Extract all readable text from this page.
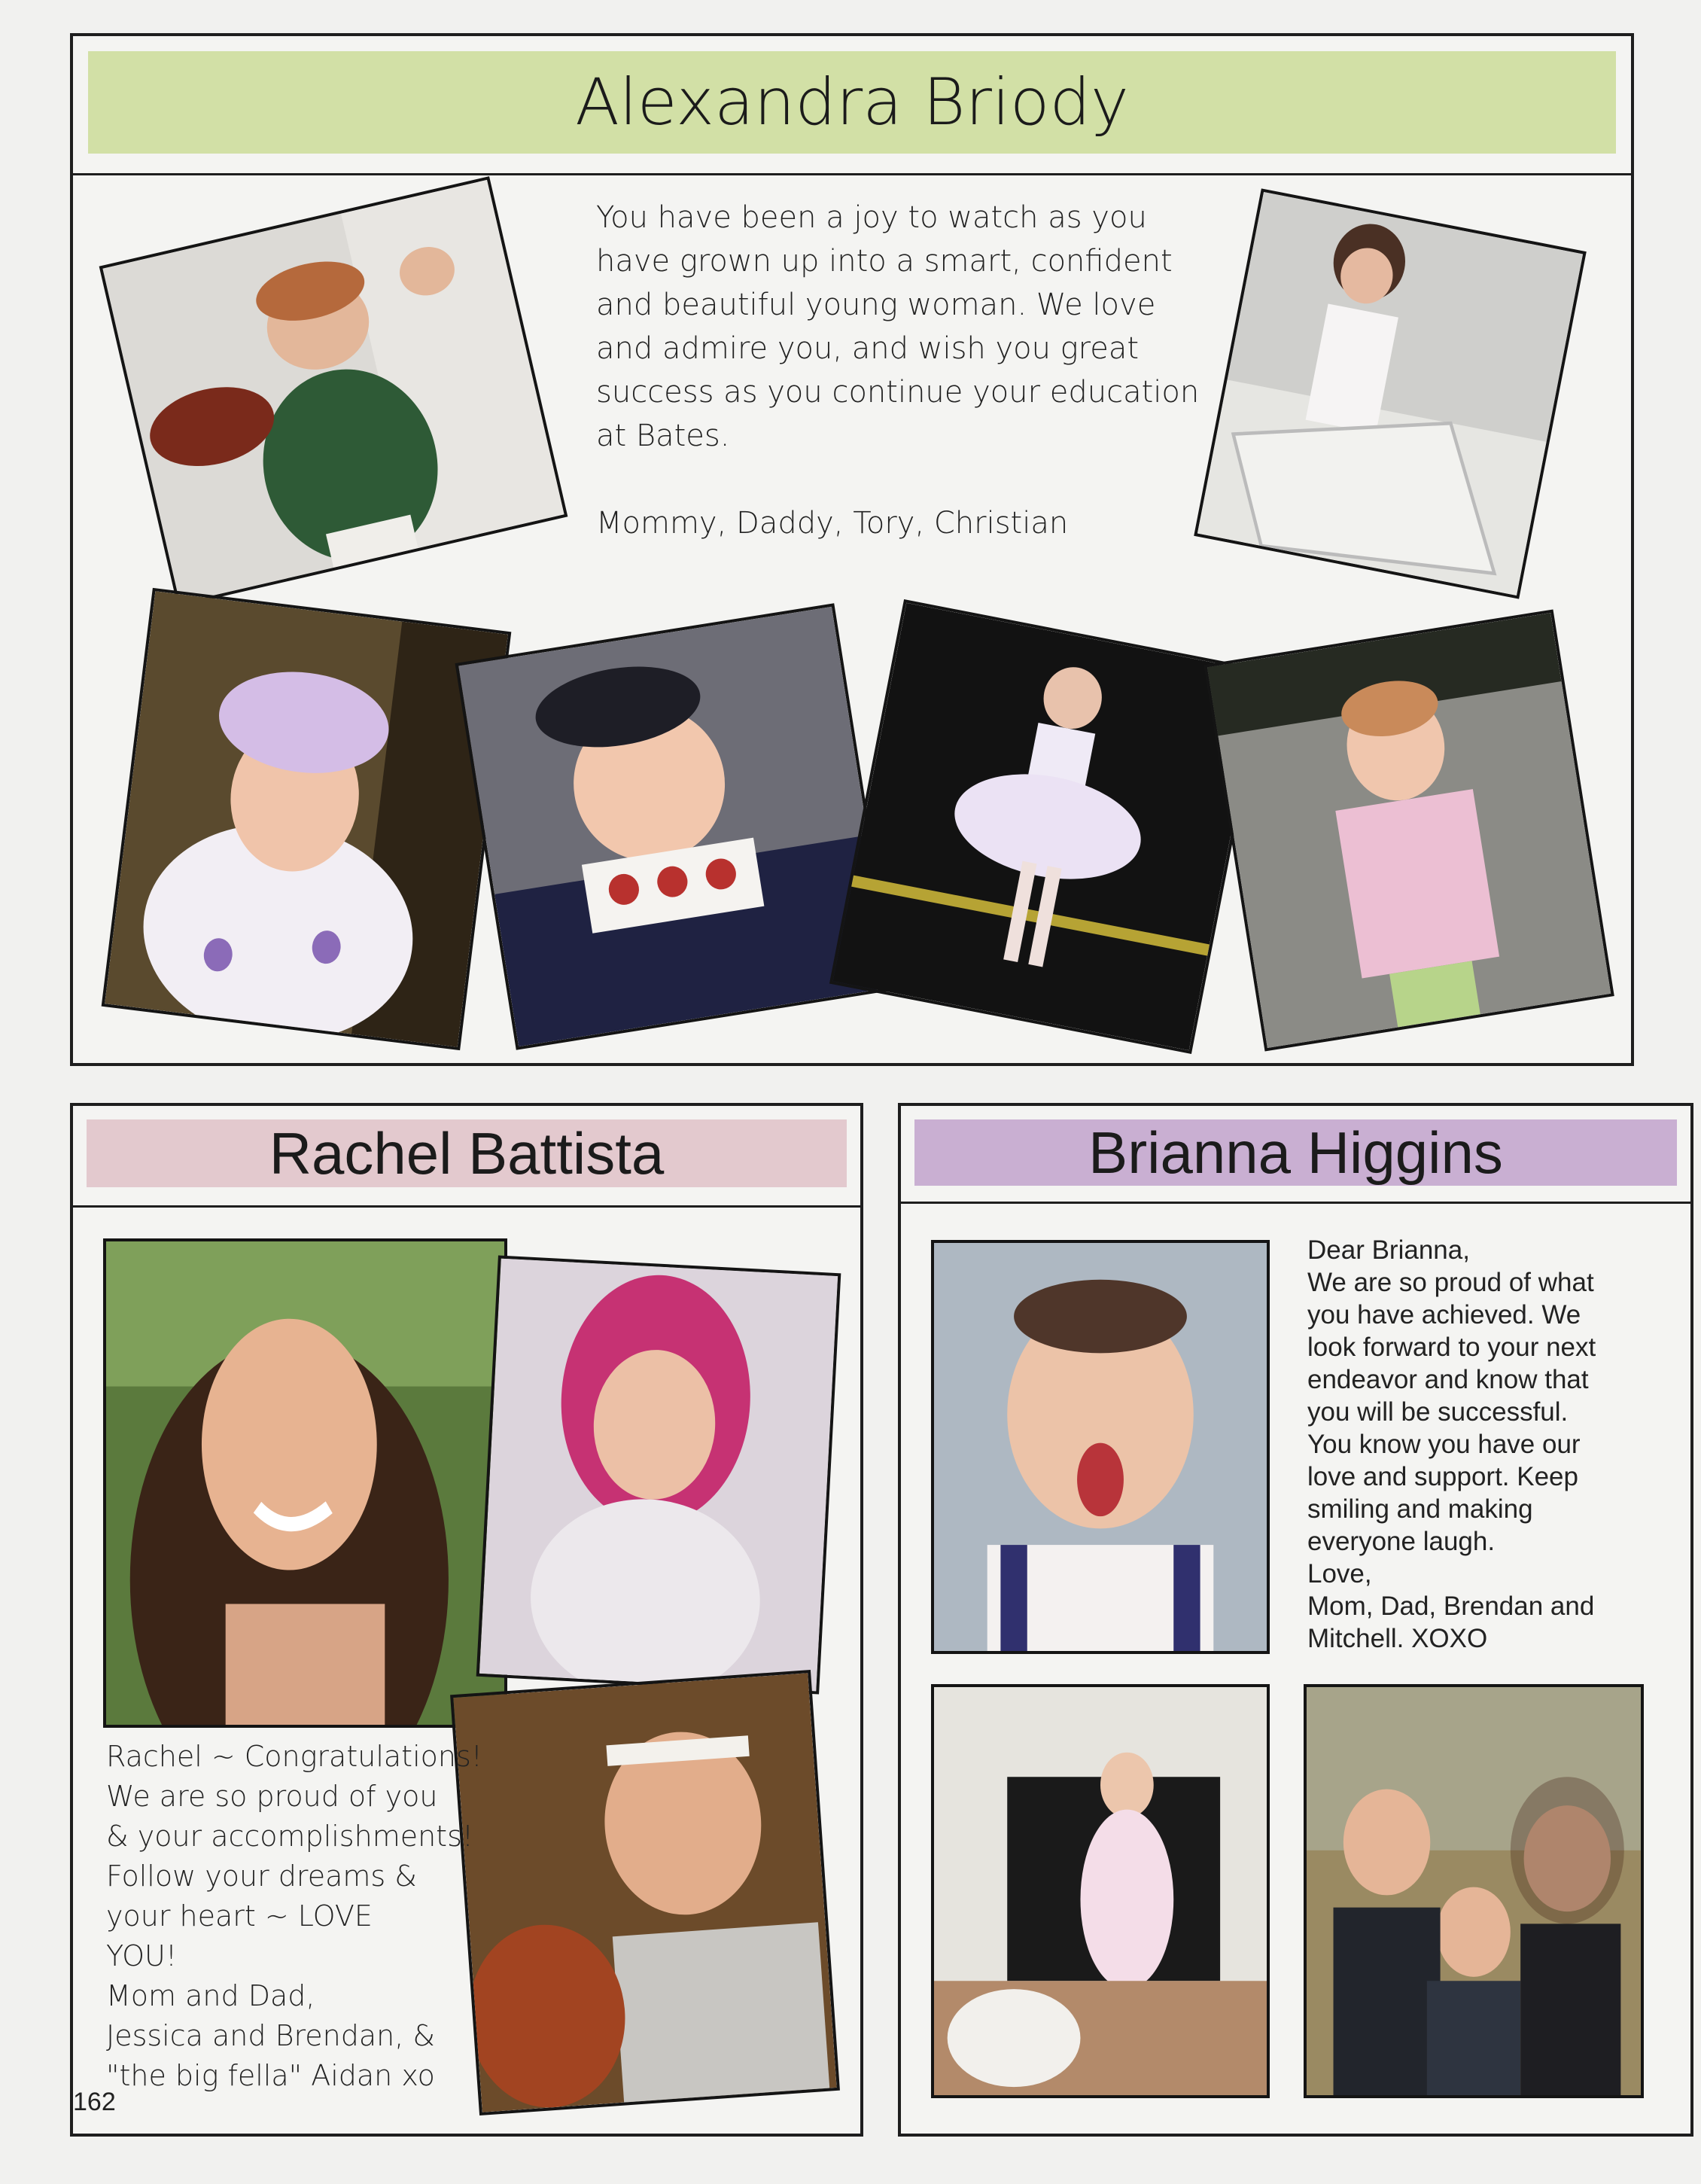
Alexandra Briody
You have been a joy to watch as you
have grown up into a smart, confident
and beautiful young woman. We love
and admire you, and wish you great
success as you continue your education
at Bates.
Mommy, Daddy, Tory, Christian
Rachel Battista
Rachel ~ Congratulations!
We are so proud of you
& your accomplishments!
Follow your dreams &
your heart ~ LOVE
YOU!
Mom and Dad,
Jessica and Brendan, &
"the big fella" Aidan xo
Brianna Higgins
Dear Brianna,
We are so proud of what
you have achieved. We
look forward to your next
endeavor and know that
you will be successful.
You know you have our
love and support. Keep
smiling and making
everyone laugh.
Love,
Mom, Dad, Brendan and
Mitchell. XOXO
162
